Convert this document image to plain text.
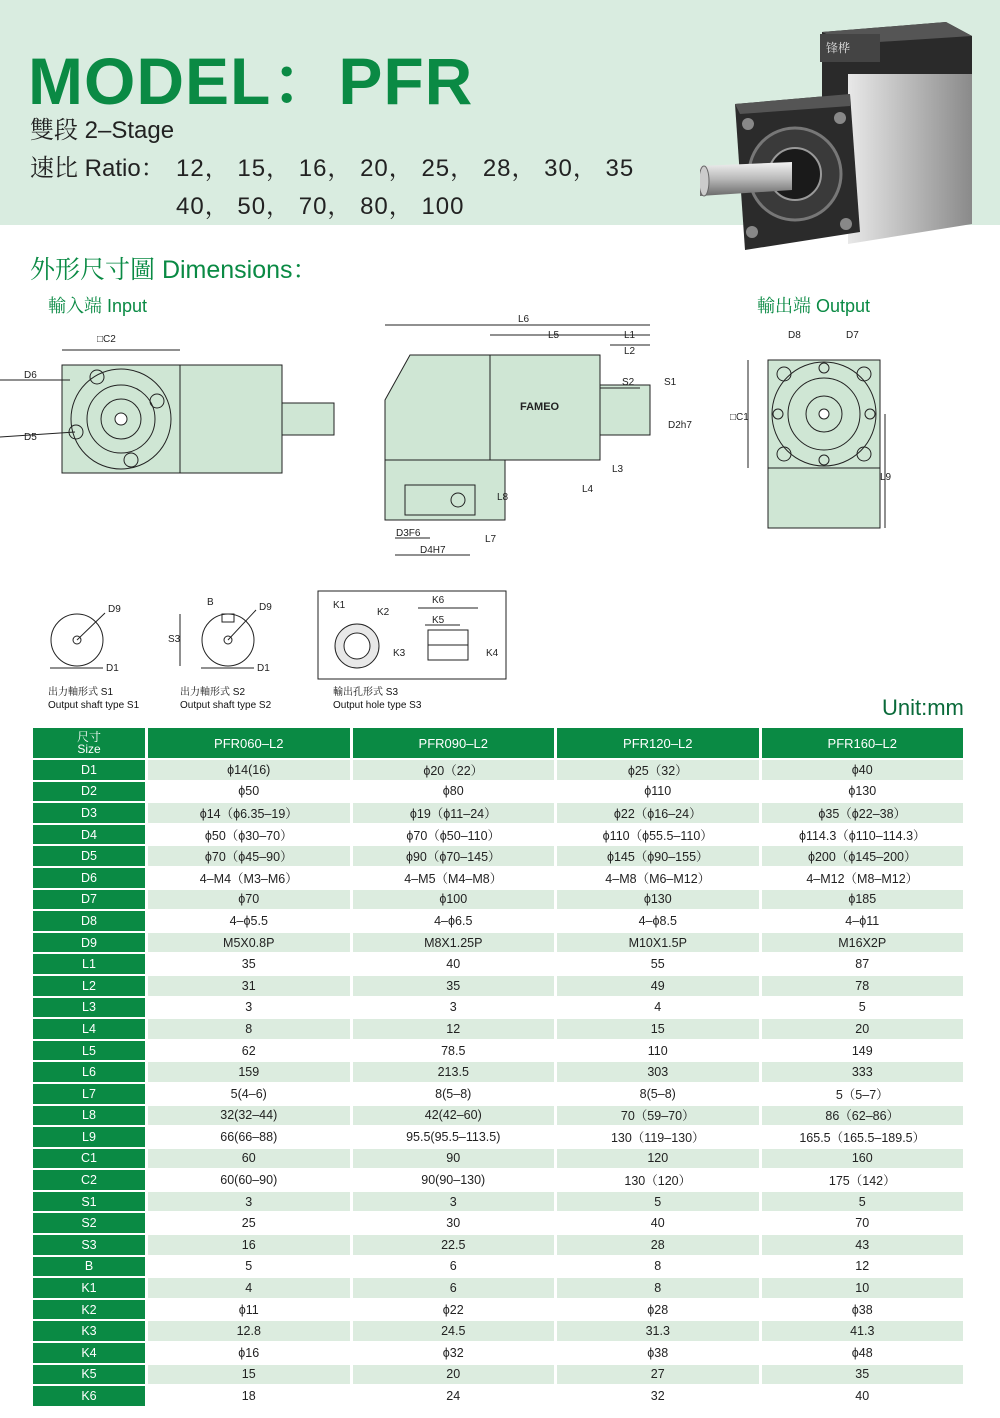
MODEL：PFR
雙段 2–Stage
速比 Ratio： 12， 15， 16， 20， 25， 28， 30， 35
40， 50， 70， 80， 100
锋桦
外形尺寸圖 Dimensions：
輸入端 Input	輸出端 Output
□C2
D6
D5
L6
L5	L1
L2
S2	S1
D2h7
L3
L4
L8
L7
D3F6
D4H7
FAMEO
D8	D7
□C1
L9
D9
D1
B	D9
S3
D1
K1
K2
K6
K5
K3	K4
出力軸形式 S1
Output shaft type S1
出力軸形式 S2
Output shaft type S2
輸出孔形式 S3
Output hole type S3	Unit:mm
尺寸
Size	PFR060–L2	PFR090–L2	PFR120–L2	PFR160–L2
D1	ϕ14(16)	ϕ20（22）	ϕ25（32）	ϕ40
D2	ϕ50	ϕ80	ϕ110	ϕ130
D3	ϕ14（ϕ6.35–19）	ϕ19（ϕ11–24）	ϕ22（ϕ16–24）	ϕ35（ϕ22–38）
D4	ϕ50（ϕ30–70）	ϕ70（ϕ50–110）	ϕ110（ϕ55.5–110）	ϕ114.3（ϕ110–114.3）
D5	ϕ70（ϕ45–90）	ϕ90（ϕ70–145）	ϕ145（ϕ90–155）	ϕ200（ϕ145–200）
D6	4–M4（M3–M6）	4–M5（M4–M8）	4–M8（M6–M12）	4–M12（M8–M12）
D7	ϕ70	ϕ100	ϕ130	ϕ185
D8	4–ϕ5.5	4–ϕ6.5	4–ϕ8.5	4–ϕ11
D9	M5X0.8P	M8X1.25P	M10X1.5P	M16X2P
L1	35	40	55	87
L2	31	35	49	78
L3	3	3	4	5
L4	8	12	15	20
L5	62	78.5	110	149
L6	159	213.5	303	333
L7	5(4–6)	8(5–8)	8(5–8)	5（5–7）
L8	32(32–44)	42(42–60)	70（59–70）	86（62–86）
L9	66(66–88)	95.5(95.5–113.5)	130（119–130）	165.5（165.5–189.5）
C1	60	90	120	160
C2	60(60–90)	90(90–130)	130（120）	175（142）
S1	3	3	5	5
S2	25	30	40	70
S3	16	22.5	28	43
B	5	6	8	12
K1	4	6	8	10
K2	ϕ11	ϕ22	ϕ28	ϕ38
K3	12.8	24.5	31.3	41.3
K4	ϕ16	ϕ32	ϕ38	ϕ48
K5	15	20	27	35
K6	18	24	32	40
